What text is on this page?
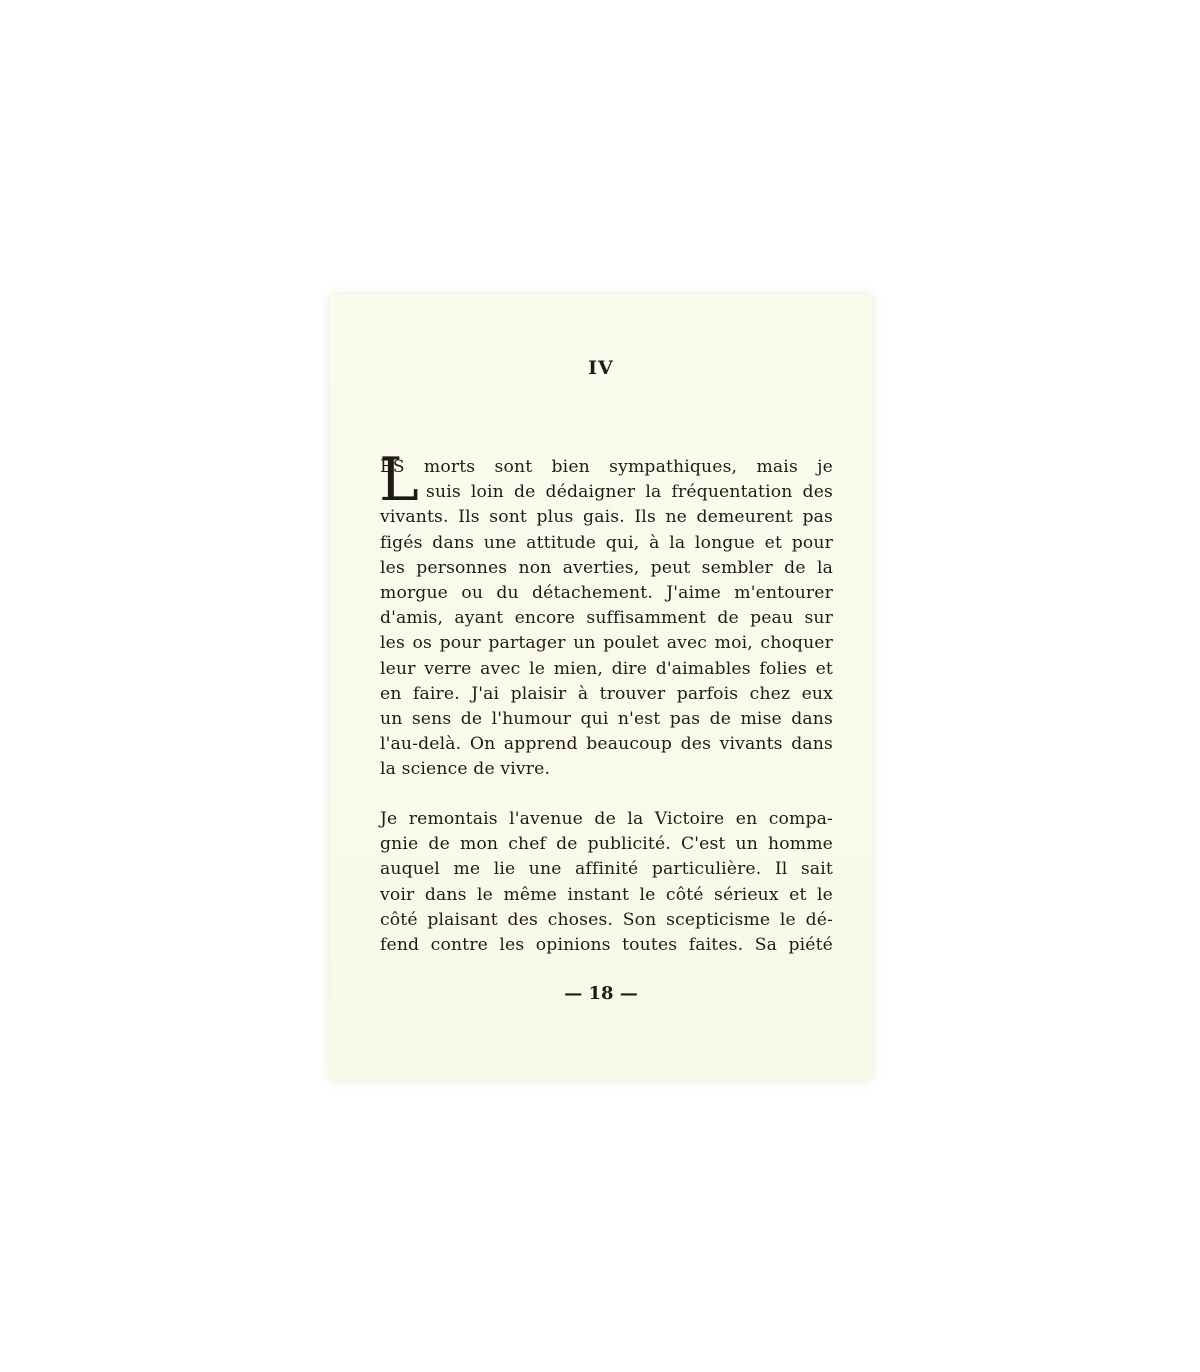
IV
L
ES morts sont bien sympathiques, mais je
suis loin de dédaigner la fréquentation des
vivants. Ils sont plus gais. Ils ne demeurent pas
figés dans une attitude qui, à la longue et pour
les personnes non averties, peut sembler de la
morgue ou du détachement. J'aime m'entourer
d'amis, ayant encore suffisamment de peau sur
les os pour partager un poulet avec moi, choquer
leur verre avec le mien, dire d'aimables folies et
en faire. J'ai plaisir à trouver parfois chez eux
un sens de l'humour qui n'est pas de mise dans
l'au-delà. On apprend beaucoup des vivants dans
la science de vivre.
Je remontais l'avenue de la Victoire en compa-
gnie de mon chef de publicité. C'est un homme
auquel me lie une affinité particulière. Il sait
voir dans le même instant le côté sérieux et le
côté plaisant des choses. Son scepticisme le dé-
fend contre les opinions toutes faites. Sa piété
— 18 —
